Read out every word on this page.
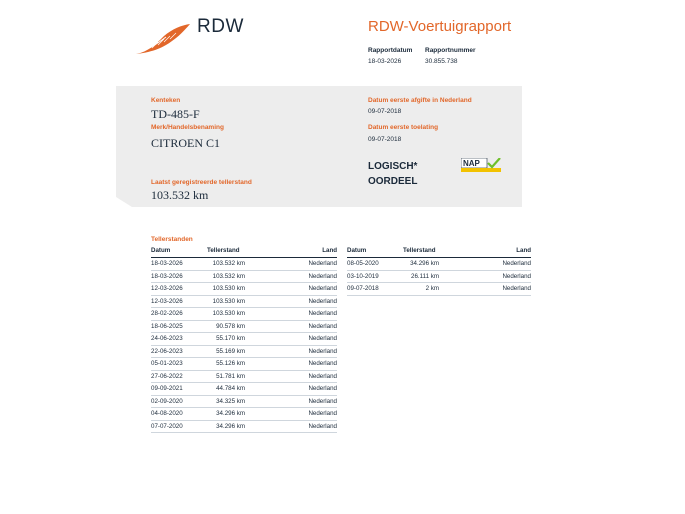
RDW	RDW-Voertuigrapport
Rapportdatum Rapportnummer
18-03-2026	30.855.738
Kenteken
TD-485-F
Merk/Handelsbenaming
CITROEN C1
Laatst geregistreerde tellerstand
103.532 km
Datum eerste afgifte in Nederland
09-07-2018
Datum eerste toelating
09-07-2018
LOGISCH*
OORDEEL
NAP
Tellerstanden
Datum	Tellerstand	Land
18-03-2026	103.532 km	Nederland
18-03-2026	103.532 km	Nederland
12-03-2026	103.530 km	Nederland
12-03-2026	103.530 km	Nederland
28-02-2026	103.530 km	Nederland
18-06-2025	90.578 km	Nederland
24-06-2023	55.170 km	Nederland
22-06-2023	55.169 km	Nederland
05-01-2023	55.126 km	Nederland
27-06-2022	51.781 km	Nederland
09-09-2021	44.784 km	Nederland
02-09-2020	34.325 km	Nederland
04-08-2020	34.296 km	Nederland
07-07-2020	34.296 km	Nederland
Datum	Tellerstand	Land
08-05-2020	34.296 km	Nederland
03-10-2019	26.111 km	Nederland
09-07-2018	2 km	Nederland
